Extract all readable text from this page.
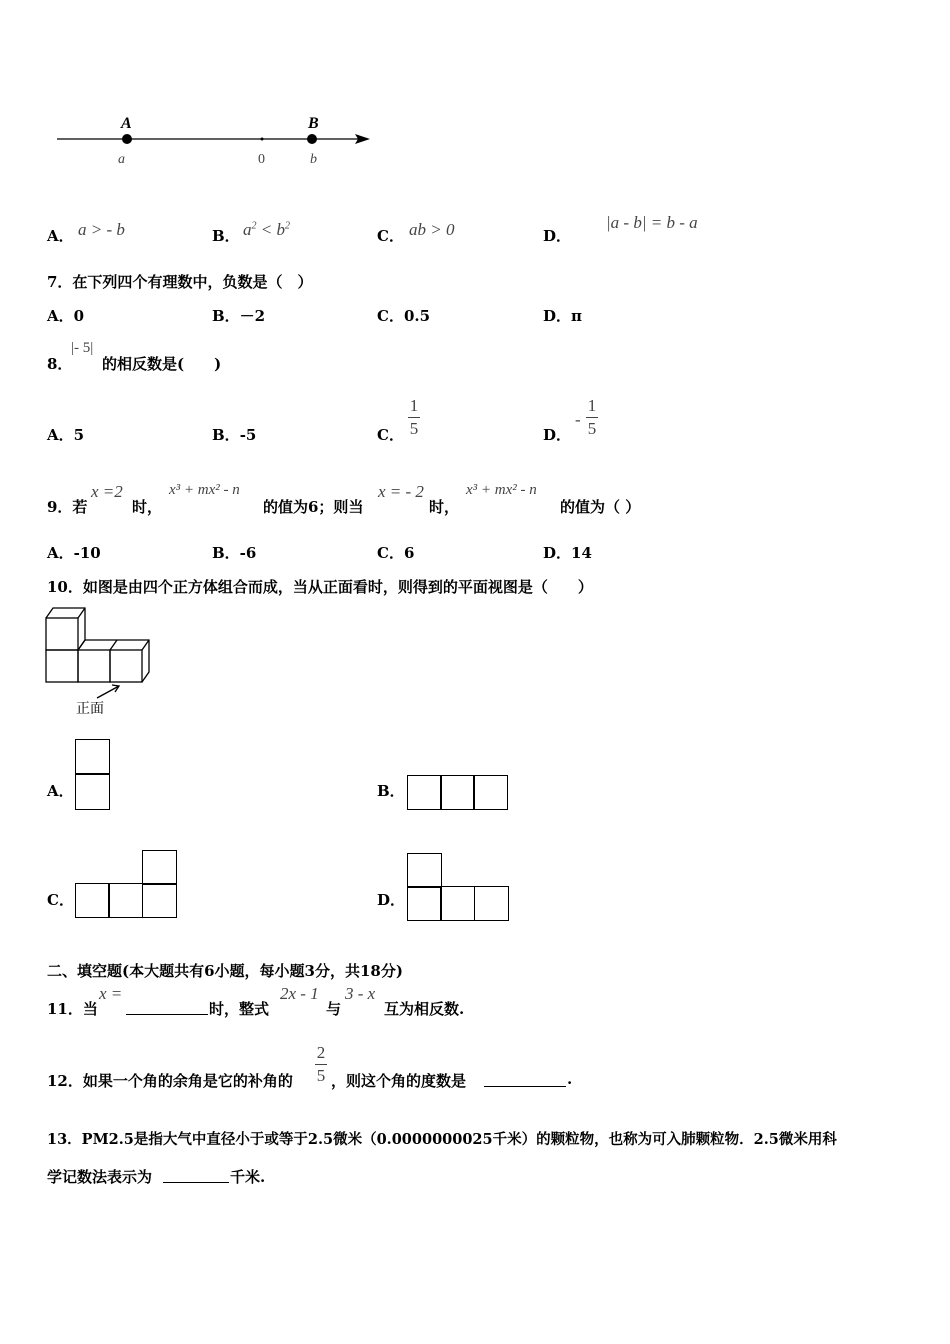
A	B
a	0	b
A． a > - b	B． $a^2 < b^2$
C． ab > 0	D．
|a - b| = b - a
7．在下列四个有理数中，负数是（　）
A．0	B．－2	C．0.5	D．π
8．
|- 5|
的相反数是(　　)
A．5	B．-5	C．
1
5	D．
-
1
5
9．若
x =2
时，
x³ + mx² - n
的值为6；则当
x = - 2
时，
x³ + mx² - n
的值为（ ）
A．-10	B．-6	C．6	D．14
10．如图是由四个正方体组合而成，当从正面看时，则得到的平面视图是（　　）
正面
A．	B．
C．	D．
二、填空题(本大题共有6小题，每小题3分，共18分)
11．当
x =
时，整式
2x - 1
与
3 - x
互为相反数.
12．如果一个角的余角是它的补角的
2
5 ，则这个角的度数是	.
13．PM2.5是指大气中直径小于或等于2.5微米（0.0000000025千米）的颗粒物，也称为可入肺颗粒物．2.5微米用科
学记数法表示为	千米.
